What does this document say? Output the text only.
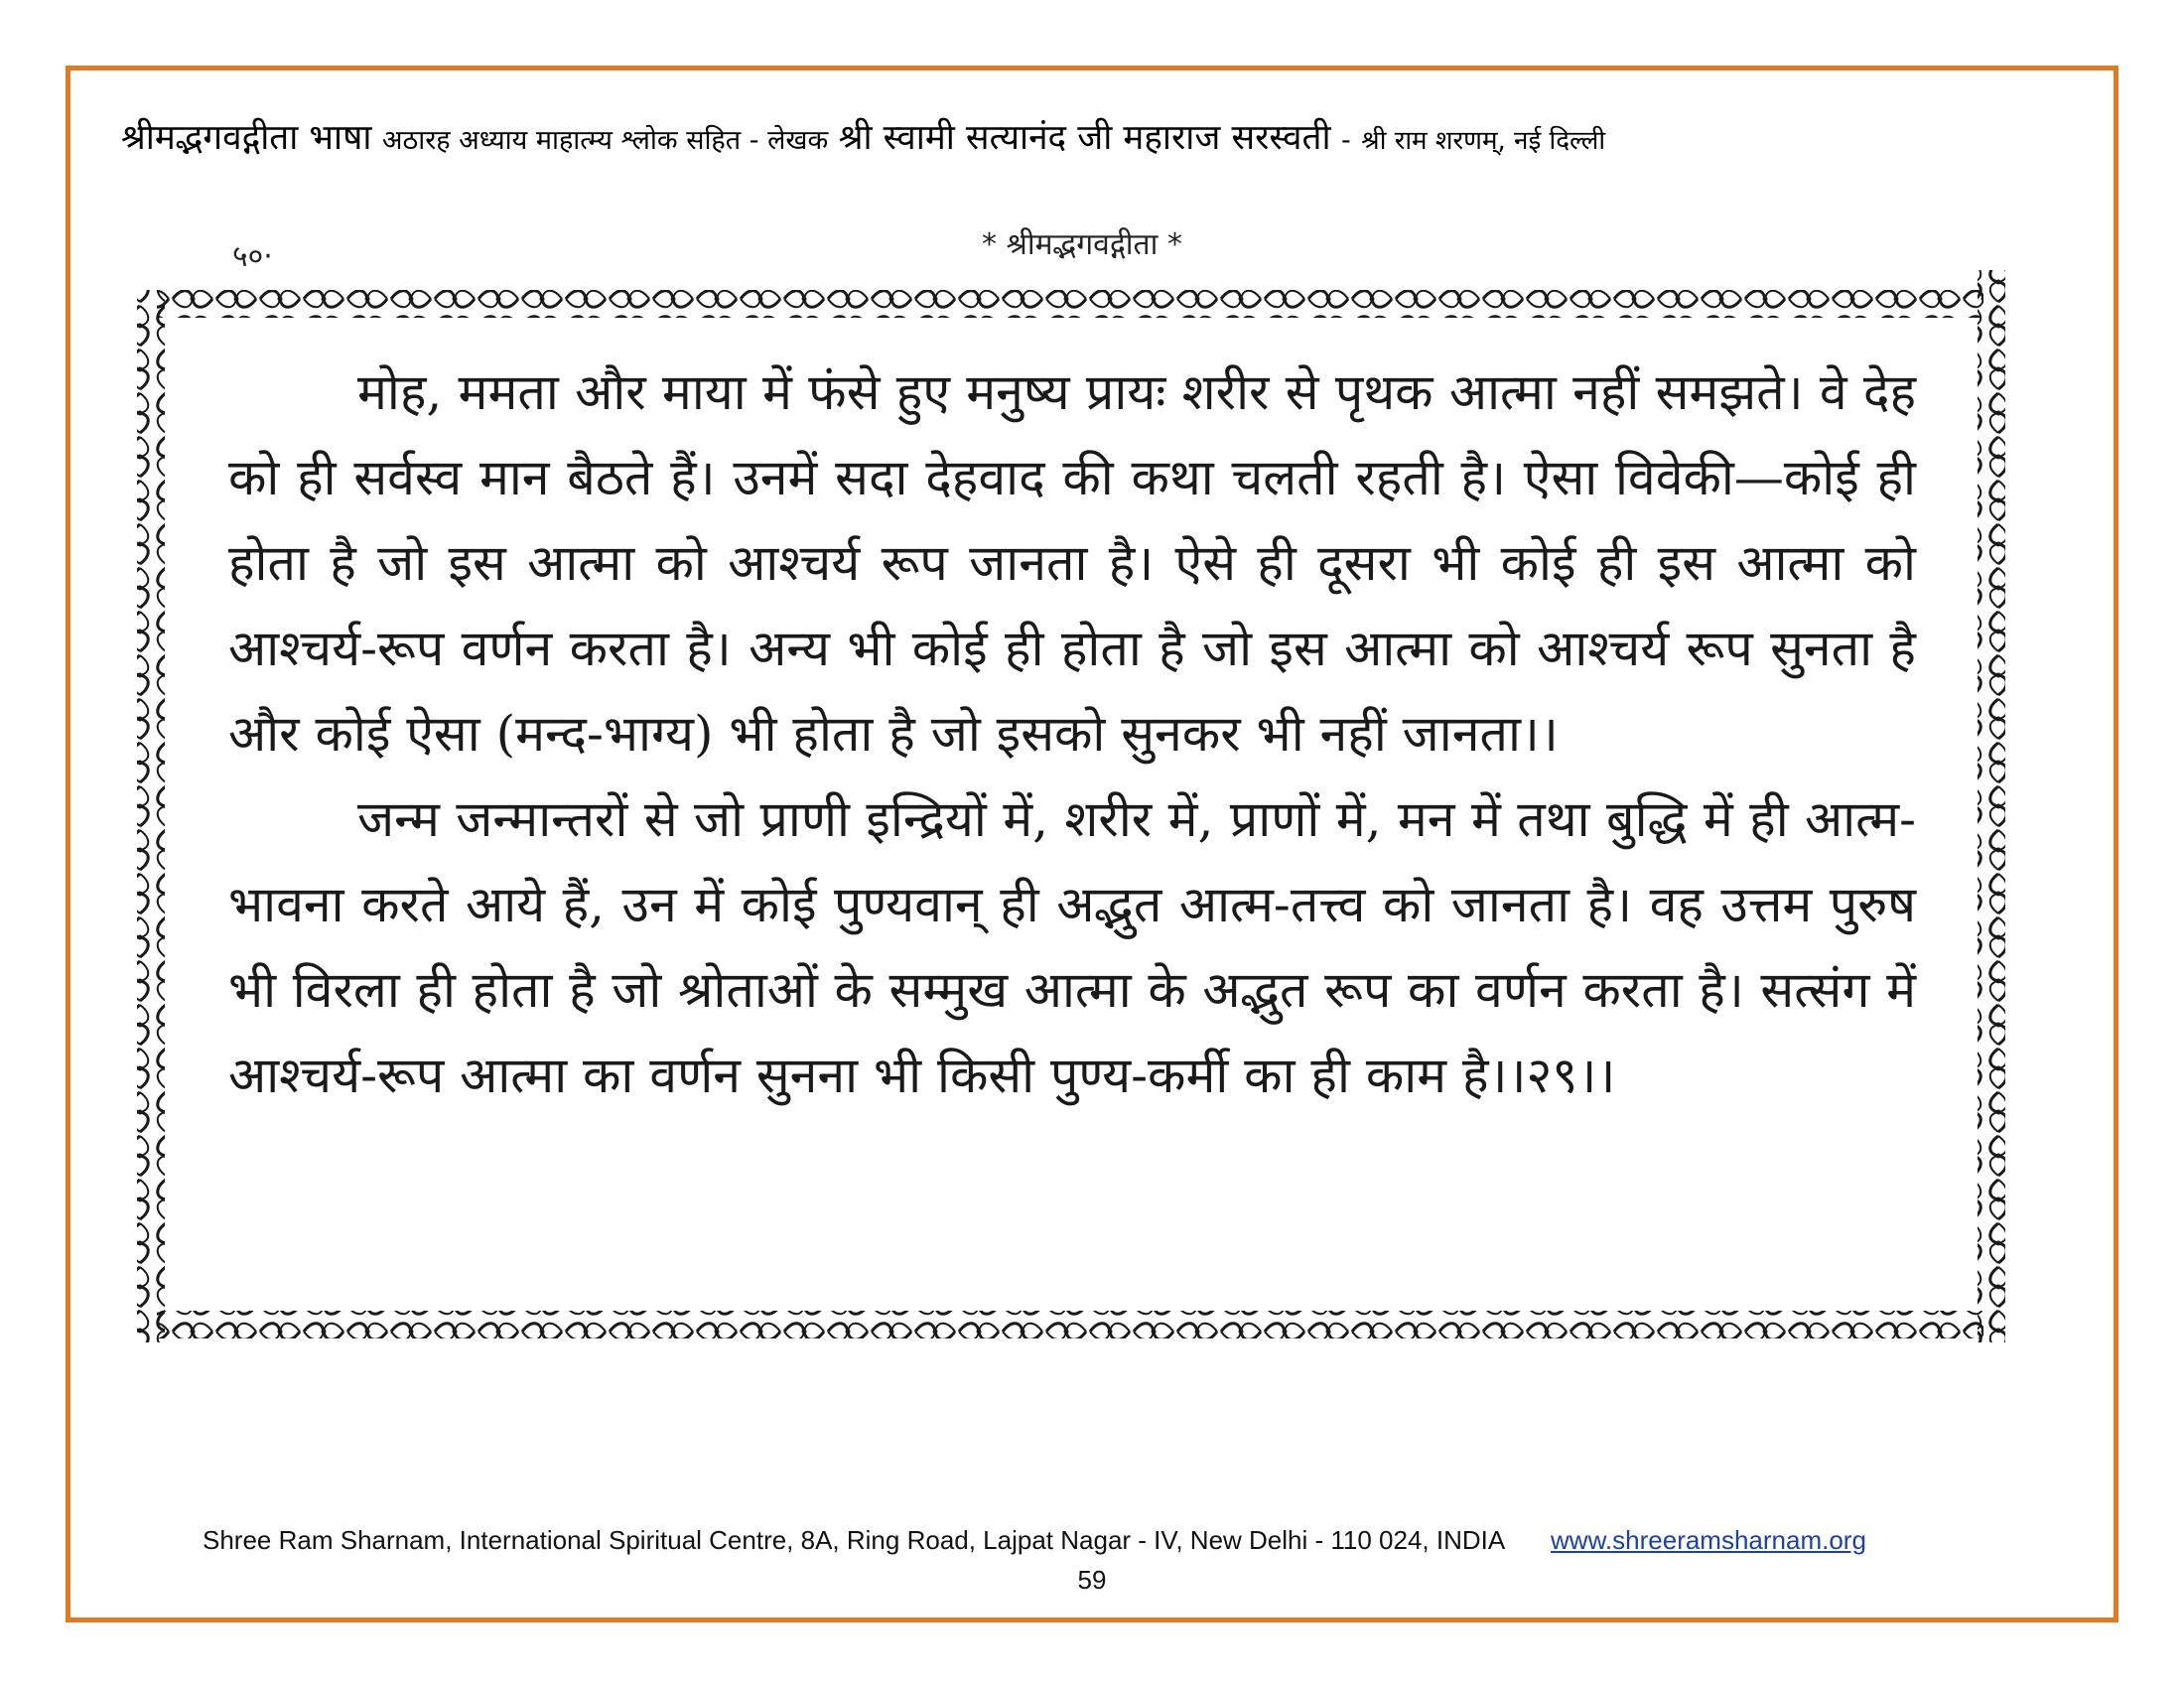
श्रीमद्भगवद्गीता भाषा अठारह अध्याय माहात्म्य श्लोक सहित - लेखक श्री स्वामी सत्यानंद जी महाराज सरस्वती - श्री राम शरणम्, नई दिल्ली
५०·	* श्रीमद्भगवद्गीता *

मोह, ममता और माया में फंसे हुए मनुष्य प्रायः शरीर से पृथक आत्मा नहीं समझते। वे देह को ही सर्वस्व मान बैठते हैं। उनमें सदा देहवाद की कथा चलती रहती है। ऐसा विवेकी—कोई ही होता है जो इस आत्मा को आश्चर्य रूप जानता है। ऐसे ही दूसरा भी कोई ही इस आत्मा को आश्चर्य-रूप वर्णन करता है। अन्य भी कोई ही होता है जो इस आत्मा को आश्चर्य रूप सुनता है और कोई ऐसा (मन्द-भाग्य) भी होता है जो इसको सुनकर भी नहीं जानता।।

जन्म जन्मान्तरों से जो प्राणी इन्द्रियों में, शरीर में, प्राणों में, मन में तथा बुद्धि में ही आत्म-भावना करते आये हैं, उन में कोई पुण्यवान् ही अद्भुत आत्म-तत्त्व को जानता है। वह उत्तम पुरुष भी विरला ही होता है जो श्रोताओं के सम्मुख आत्मा के अद्भुत रूप का वर्णन करता है। सत्संग में आश्चर्य-रूप आत्मा का वर्णन सुनना भी किसी पुण्य-कर्मी का ही काम है।।२९।।

Shree Ram Sharnam, International Spiritual Centre, 8A, Ring Road, Lajpat Nagar - IV, New Delhi - 110 024, INDIA www.shreeramsharnam.org
59
